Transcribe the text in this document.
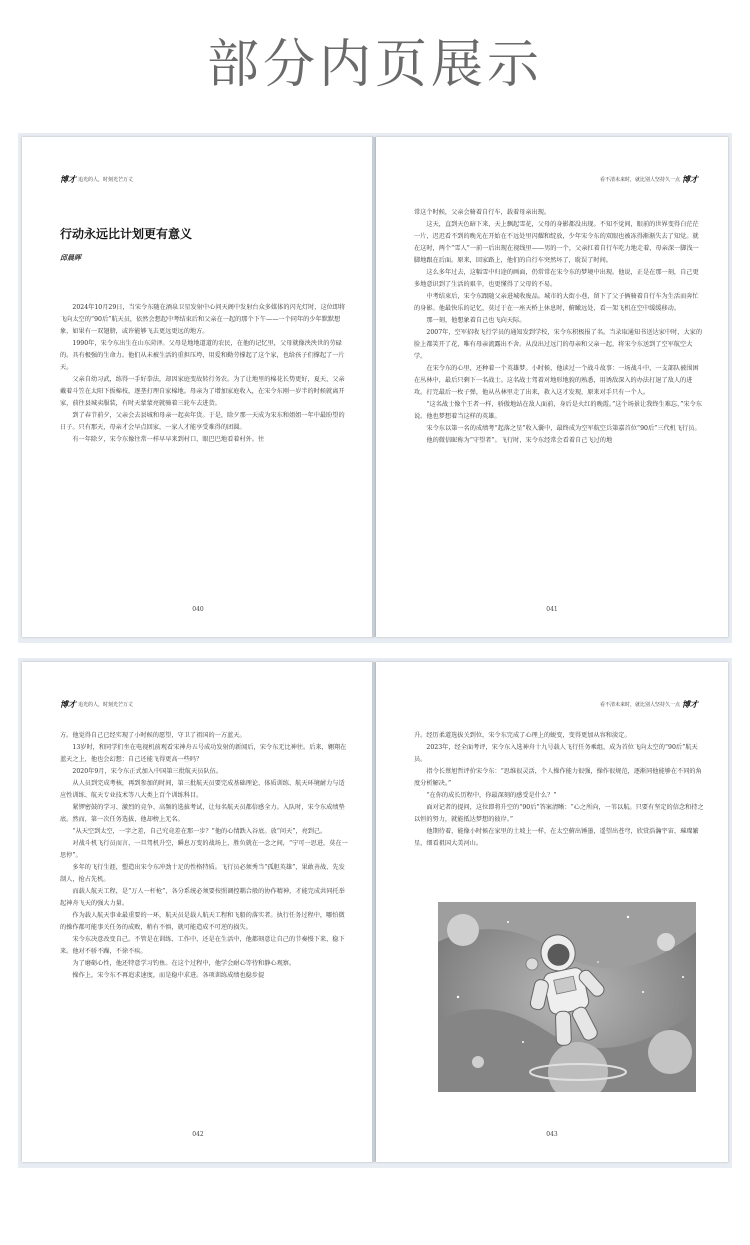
部分内页展示
博才 追光的人，时刻光芒万丈
行动永远比计划更有意义
邱晨晖

2024年10月29日，当宋令东随在酒泉卫星发射中心问天阁中发射台众多媒体的闪光灯时，这位即将飞向太空的“90后”航天员，依然会想起中考结束后和父亲在一起的那个下午——一个同年的少年默默想象，如果有一双翅膀，或许能够飞去更远更远的地方。

1990年，宋令东出生在山东菏泽。父母是地地道道的农民，在他的记忆里，父母就像泱泱世的劳碌的。具有极强的生命力。他们从未被生活的重担压垮，用爱和勤劳撑起了这个家，也给孩子们撑起了一片天。

父亲自幼习武，练得一手好拳法，却因家庭变故转行务农。为了让地里的棉花长势更好，夏天，父亲戴着斗笠在太阳下扳棉枝，逐垄打理自家棉地。母亲为了增加家庭收入，在宋令东刚一岁半的时候就离开家，前往县城卖服装，有时天蒙蒙亮就骑着三轮车去进货。

到了春节前夕，父亲会去县城和母亲一起卖年货。于是，除夕那一天成为宋东和姐姐一年中最盼望的日子。只有那天，母亲才会早点回家，一家人才能享受难得的团圆。

有一年除夕，宋令东像往常一样早早来到村口，眼巴巴地看着村外。往

040
看不清未来时，就比别人坚持久一点 博才

常这个时候，父亲会骑着自行车，载着母亲出现。

这天，直到天色暗下来，天上飘起雪花，父母的身影都没出现。不知不觉间，眼前的世界变得白茫茫一片，迟迟看不到的晚光在开始在不远处里闪耀和绽放，少年宋令东的双眼也被冻得渐渐失去了知觉。就在这时，两个“雪人”一前一后出现在视线里——男的一个，父亲扛着自行车吃力地走着，母亲深一脚浅一脚地跟在后面。原来，回家路上，他们的自行车突然坏了，耽误了时间。

这么多年过去，这幅雪中归途的画面，仍常常在宋令东的梦境中出现。他说，正是在那一刻，自己更多地意识到了生活的艰辛，也更懂得了父母的不易。

中考结束后，宋令东跟随父亲进城收废品。城市的大街小巷，留下了父子俩骑着自行车为生活而奔忙的身影。他最快乐的记忆，莫过于在一座天桥上休息时，俯瞰远处，看一架飞机在空中缓缓移动。

那一刻，他想象着自己也飞向天际。

2007年，空军招收飞行学员的通知发到学校，宋令东积极报了名。当录取通知书送达家中时，大家的脸上都笑开了花，唯有母亲流露出不舍。从没出过远门的母亲和父亲一起，将宋令东送到了空军航空大学。

在宋令东的心里，还种着一个英雄梦。小时候，他读过一个战斗故事：一场战斗中，一支部队被围困在丛林中，最后只剩下一名战士。这名战士驾着对地形地貌的熟悉，用诱敌深入的办法打退了敌人的进攻。打完最后一枚子弹，他从丛林里走了出来，救入这才发现，原来对手只有一个人。

“这名战士像个王者一样，骄傲地站在敌人面前，身后是火红的晚霞。”这个场景让我终生难忘，”宋令东说。他也梦想着当这样的英雄。

宋令东以第一名的成绩考“起落之星”收入囊中，最终成为空军航空兵第嘉首位“90后”三代机飞行员。

他的微信昵称为“守望者”。飞行时，宋令东经常会看着自己飞过的地

041
博才 追光的人，时刻光芒万丈

方。他觉得自己已经实现了小时候的愿望，守卫了祖国的一方蓝天。

13岁时，和同学们坐在电视机前观看宋神舟五号成功发射的新闻后，宋令东无比神往。后来，翱翔在蓝天之上，他也会幻想：自己还能飞得更高一些吗？

2020年9月，宋令东正式加入中国第三批航天员队伍。

从人员到完成考核，再到参加的时间，第三批航天员要完成基础理论、体质训练、航天环境耐力与适应性训练、航天专业技术等八大类上百个训练科目。

紧锣密鼓的学习、激烈的竞争、高频的选拔考试，让每名航天员都倍感全力。入队时，宋令东成绩垫底。然而，第一次任务选拔，他却榜上无名。

“从天空到太空，一字之差，自己究竟差在那一步？”他的心情跌入谷底。放“问天”，亮到己。

对战斗机飞行员而言，一旦驾机升空，瞬息万变的战场上，胜负就在一念之间，“宁可一思进，莫在一思停”。

多年的飞行生涯，塑造出宋令东冲劲十足的性格特质。飞行员必须秀当“孤胆英雄”，果敢善战、先发制人，抢占先机。

而载人航天工程，是“万人一杆枪”，各分系统必须要按照调控耦合般的协作精神，才能完成共同托举起神舟飞天的强大力量。

作为载人航天事业最重要的一环，航天员是载人航天工程和飞船的落实者。执行任务过程中，哪怕微的操作都可能事关任务的成败，稍有不慎，就可能造成不可逆的损失。

宋令东决意改变自己。不管是在训练、工作中，还是在生活中，他都刻意让自己的节奏慢下来，稳下来。他对不骄不躁，不徐不疾。

为了磨砺心性，他还特意学习钓鱼。在这个过程中，他学会耐心等待和静心观察。

操作上，宋令东不再追求速度，而是稳中求进。各项训练成绩也稳步提

042
看不清未来时，就比别人坚持久一点 博才

升。经历柔道选拔关到位，宋令东完成了心理上的蜕变，变得更加从容和淡定。

2023年，经全面考评，宋令东入选神舟十九号载人飞行任务乘组，成为首位飞向太空的“90后”航天员。

指令长蔡旭哲评价宋令东：“思维很灵活，个人操作能力很强，操作很规范，逐渐同他能够在不同的角度分析解决。”

“在你的成长历程中，你最深刻的感受是什么？”

面对记者的提问，这位即将升空的“90后”答案清晰：“心之所向，一苇以航。只要有坚定的信念和持之以恒的努力，就能抵达梦想的彼岸。”

他期待着，能像小时候在家里的土坡上一样，在太空俯出锤墨，遥望出苍穹，欣赏浩瀚宇宙、璀璨繁星，细看祖国大美河山。

043
